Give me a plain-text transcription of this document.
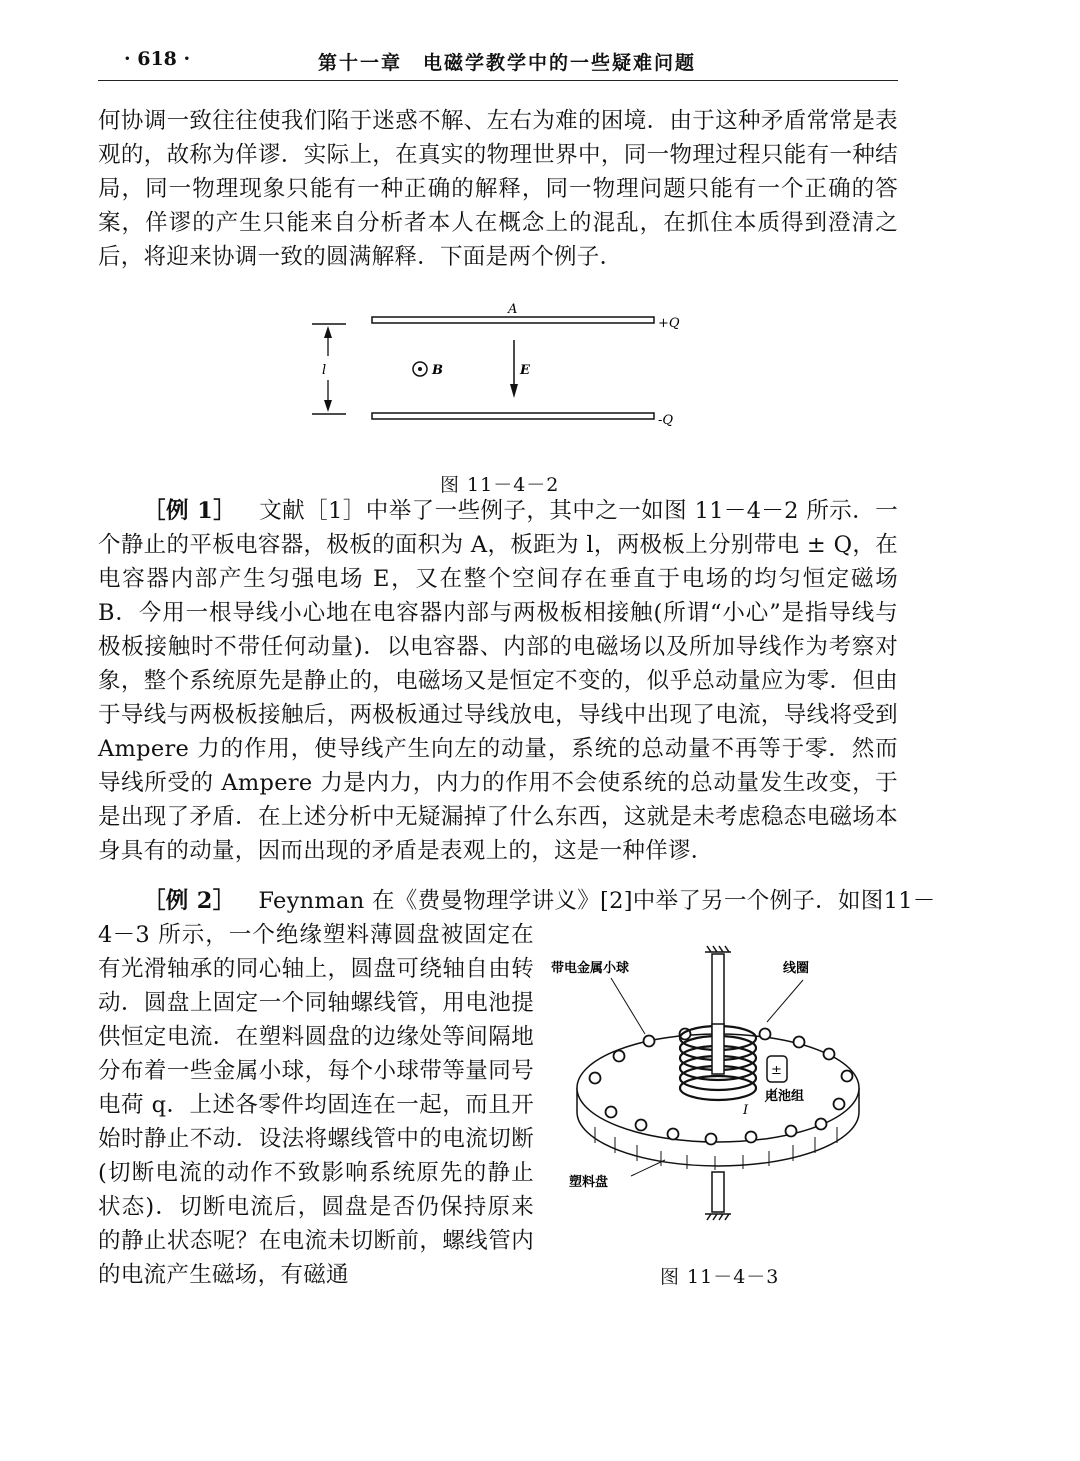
· 618 ·	第十一章　电磁学教学中的一些疑难问题

何协调一致往往使我们陷于迷惑不解、左右为难的困境．由于这种矛盾常常是表观的，故称为佯谬．实际上，在真实的物理世界中，同一物理过程只能有一种结局，同一物理现象只能有一种正确的解释，同一物理问题只能有一个正确的答案，佯谬的产生只能来自分析者本人在概念上的混乱，在抓住本质得到澄清之后，将迎来协调一致的圆满解释．下面是两个例子．

l	B	E
A
+Q
-Q
图 11－4－2

［例 1］  文献［1］中举了一些例子，其中之一如图 11－4－2 所示．一个静止的平板电容器，极板的面积为 A，板距为 l，两极板上分别带电 ± Q，在电容器内部产生匀强电场 E，又在整个空间存在垂直于电场的均匀恒定磁场 B．今用一根导线小心地在电容器内部与两极板相接触(所谓“小心”是指导线与极板接触时不带任何动量)．以电容器、内部的电磁场以及所加导线作为考察对象，整个系统原先是静止的，电磁场又是恒定不变的，似乎总动量应为零．但由于导线与两极板接触后，两极板通过导线放电，导线中出现了电流，导线将受到 Ampere 力的作用，使导线产生向左的动量，系统的总动量不再等于零．然而导线所受的 Ampere 力是内力，内力的作用不会使系统的总动量发生改变，于是出现了矛盾．在上述分析中无疑漏掉了什么东西，这就是未考虑稳态电磁场本身具有的动量，因而出现的矛盾是表观上的，这是一种佯谬．

［例 2］  Feynman 在《费曼物理学讲义》[2]中举了另一个例子．如图11－

4－3 所示，一个绝缘塑料薄圆盘被固定在有光滑轴承的同心轴上，圆盘可绕轴自由转动．圆盘上固定一个同轴螺线管，用电池提供恒定电流．在塑料圆盘的边缘处等间隔地分布着一些金属小球，每个小球带等量同号电荷 q．上述各零件均固连在一起，而且开始时静止不动．设法将螺线管中的电流切断(切断电流的动作不致影响系统原先的静止状态)．切断电流后，圆盘是否仍保持原来的静止状态呢？在电流未切断前，螺线管内的电流产生磁场，有磁通

±
I
带电金属小球	线圈
电池组
塑料盘
图 11－4－3
